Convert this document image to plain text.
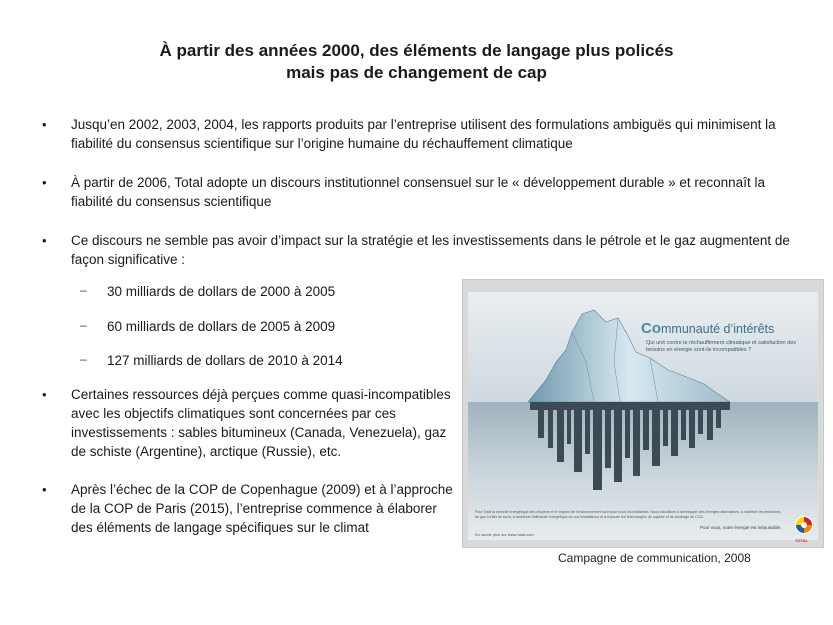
À partir des années 2000, des éléments de langage plus policés
mais pas de changement de cap
• Jusqu’en 2002, 2003, 2004, les rapports produits par l’entreprise utilisent des formulations ambiguës qui minimisent la fiabilité du consensus scientifique sur l’origine humaine du réchauffement climatique
• À partir de 2006, Total adopte un discours institutionnel consensuel sur le « développement durable » et reconnaît la fiabilité du consensus scientifique
• Ce discours ne semble pas avoir d’impact sur la stratégie et les investissements dans le pétrole et le gaz augmentent de façon significative :
– 30 milliards de dollars de 2000 à 2005
– 60 milliards de dollars de 2005 à 2009
– 127 milliards de dollars de 2010 à 2014
• Certaines ressources déjà perçues comme quasi-incompatibles avec les objectifs climatiques sont concernées par ces investissements : sables bitumineux (Canada, Venezuela), gaz de schiste (Argentine), arctique (Russie), etc.
• Après l’échec de la COP de Copenhague (2009) et à l’approche de la COP de Paris (2015), l’entreprise commence à élaborer des éléments de langage spécifiques sur le climat
Communauté d’intérêts
Qui unit contre le réchauffement climatique et satisfaction des besoins en énergie sont-ils incompatibles ?
Pour Total la sécurité énergétique des citoyens et le respect de l’environnement sont pour nous inconciliables. Nous travaillons à développer des énergies alternatives, à maîtriser les émissions de gaz à effet de serre, à améliorer l’efficacité énergétique de nos installations et à explorer les technologies de capture et de stockage du CO2.
Pour vous, notre énergie est inépuisable.
En savoir plus sur www.total.com
TOTAL
Campagne de communication, 2008
